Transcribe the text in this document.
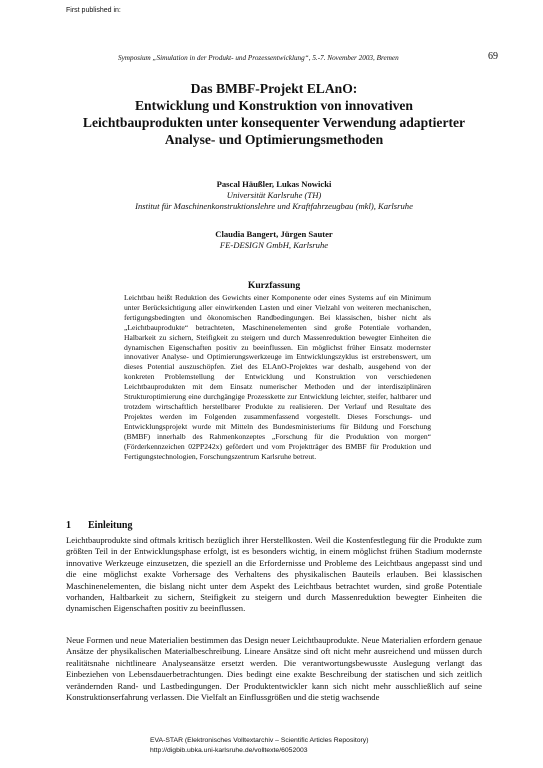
First published in:
Symposium „Simulation in der Produkt- und Prozessentwicklung“, 5.-7. November 2003, Bremen	69
Das BMBF-Projekt ELAnO:
Entwicklung und Konstruktion von innovativen
Leichtbauprodukten unter konsequenter Verwendung adaptierter
Analyse- und Optimierungsmethoden
Pascal Häußler, Lukas Nowicki
Universität Karlsruhe (TH)
Institut für Maschinenkonstruktionslehre und Kraftfahrzeugbau (mkl), Karlsruhe
Claudia Bangert, Jürgen Sauter
FE-DESIGN GmbH, Karlsruhe
Kurzfassung
Leichtbau heißt Reduktion des Gewichts einer Komponente oder eines Systems auf ein Minimum unter Berücksichtigung aller einwirkenden Lasten und einer Vielzahl von weiteren mechanischen, fertigungsbedingten und ökonomischen Randbedingungen. Bei klassischen, bisher nicht als „Leichtbauprodukte“ betrachteten, Maschinenelementen sind große Potentiale vorhanden, Halbarkeit zu sichern, Steifigkeit zu steigern und durch Massenreduktion bewegter Einheiten die dynamischen Eigenschaften positiv zu beeinflussen. Ein möglichst früher Einsatz modernster innovativer Analyse- und Optimierungswerkzeuge im Entwicklungszyklus ist erstrebenswert, um dieses Potential auszuschöpfen. Ziel des ELAnO-Projektes war deshalb, ausgehend von der konkreten Problemstellung der Entwicklung und Konstruktion von verschiedenen Leichtbauprodukten mit dem Einsatz numerischer Methoden und der interdisziplinären Strukturoptimierung eine durchgängige Prozesskette zur Entwicklung leichter, steifer, haltbarer und trotzdem wirtschaftlich herstellbarer Produkte zu realisieren. Der Verlauf und Resultate des Projektes werden im Folgenden zusammenfassend vorgestellt. Dieses Forschungs- und Entwicklungsprojekt wurde mit Mitteln des Bundesministeriums für Bildung und Forschung (BMBF) innerhalb des Rahmenkonzeptes „Forschung für die Produktion von morgen“ (Förderkennzeichen 02PP242x) gefördert und vom Projektträger des BMBF für Produktion und Fertigungstechnologien, Forschungszentrum Karlsruhe betreut.
1 Einleitung
Leichtbauprodukte sind oftmals kritisch bezüglich ihrer Herstellkosten. Weil die Kostenfestlegung für die Produkte zum größten Teil in der Entwicklungsphase erfolgt, ist es besonders wichtig, in einem möglichst frühen Stadium modernste innovative Werkzeuge einzusetzen, die speziell an die Erfordernisse und Probleme des Leichtbaus angepasst sind und die eine möglichst exakte Vorhersage des Verhaltens des physikalischen Bauteils erlauben. Bei klassischen Maschinenelementen, die bislang nicht unter dem Aspekt des Leichtbaus betrachtet wurden, sind große Potentiale vorhanden, Haltbarkeit zu sichern, Steifigkeit zu steigern und durch Massenreduktion bewegter Einheiten die dynamischen Eigenschaften positiv zu beeinflussen.
Neue Formen und neue Materialien bestimmen das Design neuer Leichtbauprodukte. Neue Materialien erfordern genaue Ansätze der physikalischen Materialbeschreibung. Lineare Ansätze sind oft nicht mehr ausreichend und müssen durch realitätsnahe nichtlineare Analyseansätze ersetzt werden. Die verantwortungsbewusste Auslegung verlangt das Einbeziehen von Lebensdauerbetrachtungen. Dies bedingt eine exakte Beschreibung der statischen und sich zeitlich verändernden Rand- und Lastbedingungen. Der Produktentwickler kann sich nicht mehr ausschließlich auf seine Konstruktionserfahrung verlassen. Die Vielfalt an Einflussgrößen und die stetig wachsende
EVA-STAR (Elektronisches Volltextarchiv – Scientific Articles Repository)
http://digbib.ubka.uni-karlsruhe.de/volltexte/6052003
